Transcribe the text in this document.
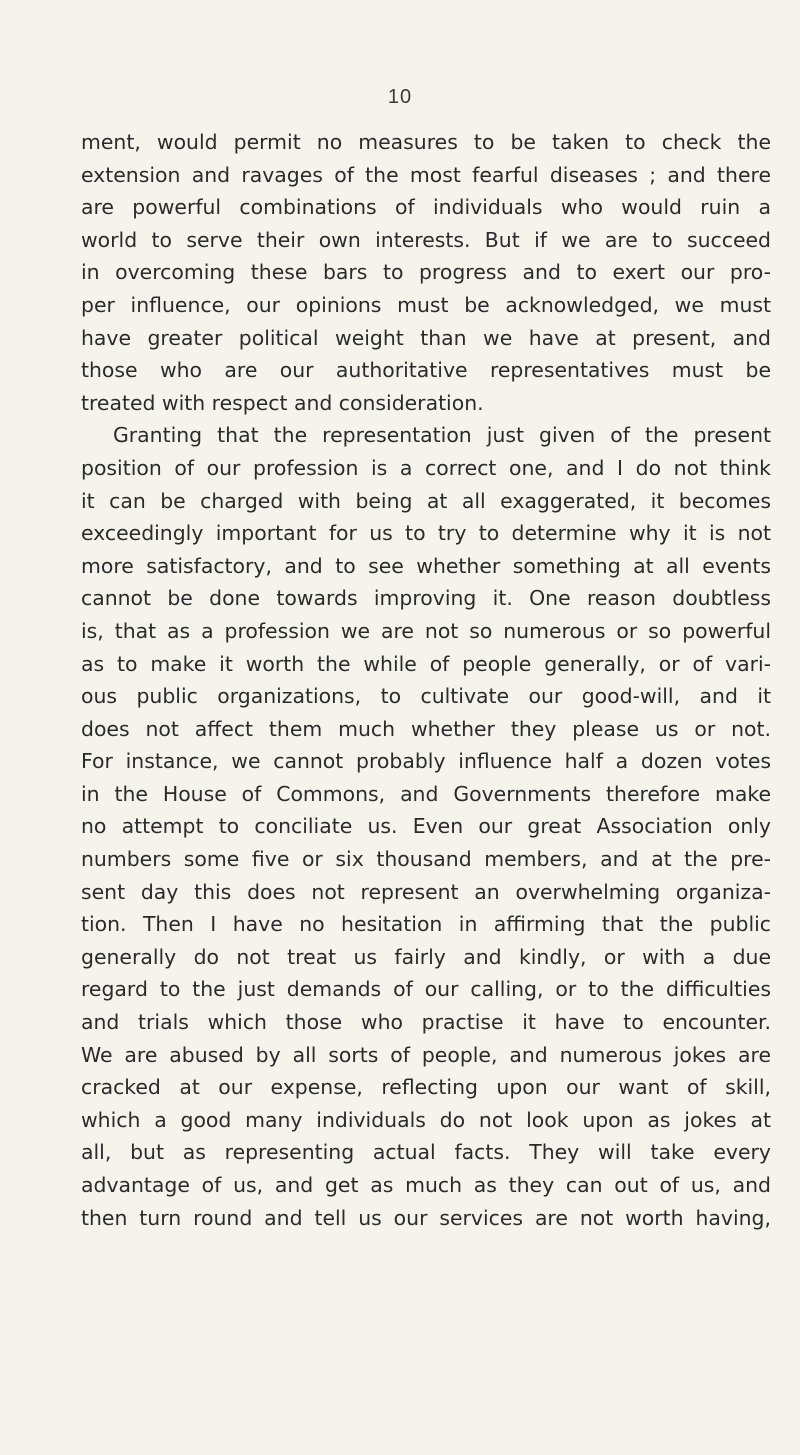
10
ment, would permit no measures to be taken to check the
extension and ravages of the most fearful diseases ; and there
are powerful combinations of individuals who would ruin a
world to serve their own interests. But if we are to succeed
in overcoming these bars to progress and to exert our pro-
per influence, our opinions must be acknowledged, we must
have greater political weight than we have at present, and
those who are our authoritative representatives must be
treated with respect and consideration.
Granting that the representation just given of the present
position of our profession is a correct one, and I do not think
it can be charged with being at all exaggerated, it becomes
exceedingly important for us to try to determine why it is not
more satisfactory, and to see whether something at all events
cannot be done towards improving it. One reason doubtless
is, that as a profession we are not so numerous or so powerful
as to make it worth the while of people generally, or of vari-
ous public organizations, to cultivate our good-will, and it
does not affect them much whether they please us or not.
For instance, we cannot probably influence half a dozen votes
in the House of Commons, and Governments therefore make
no attempt to conciliate us. Even our great Association only
numbers some five or six thousand members, and at the pre-
sent day this does not represent an overwhelming organiza-
tion. Then I have no hesitation in affirming that the public
generally do not treat us fairly and kindly, or with a due
regard to the just demands of our calling, or to the difficulties
and trials which those who practise it have to encounter.
We are abused by all sorts of people, and numerous jokes are
cracked at our expense, reflecting upon our want of skill,
which a good many individuals do not look upon as jokes at
all, but as representing actual facts. They will take every
advantage of us, and get as much as they can out of us, and
then turn round and tell us our services are not worth having,
